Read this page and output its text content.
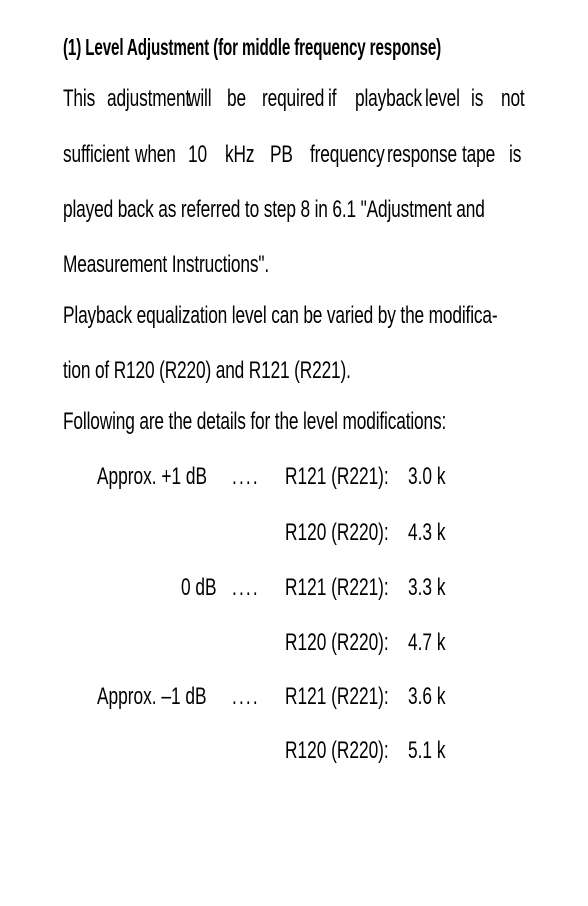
(1) Level Adjustment (for middle frequency response)
This adjustment
will be required if playback level is not
sufficient when 10 kHz PB frequency response tape is
played back as referred to step 8 in 6.1 "Adjustment and
Measurement Instructions".
Playback equalization level can be varied by the modifica-
tion of R120 (R220) and R121 (R221).
Following are the details for the level modifications:
Approx. +1 dB .... R121 (R221): 3.0 k
R120 (R220): 4.3 k
0 dB .... R121 (R221): 3.3 k
R120 (R220): 4.7 k
Approx. –1 dB .... R121 (R221): 3.6 k
R120 (R220): 5.1 k
